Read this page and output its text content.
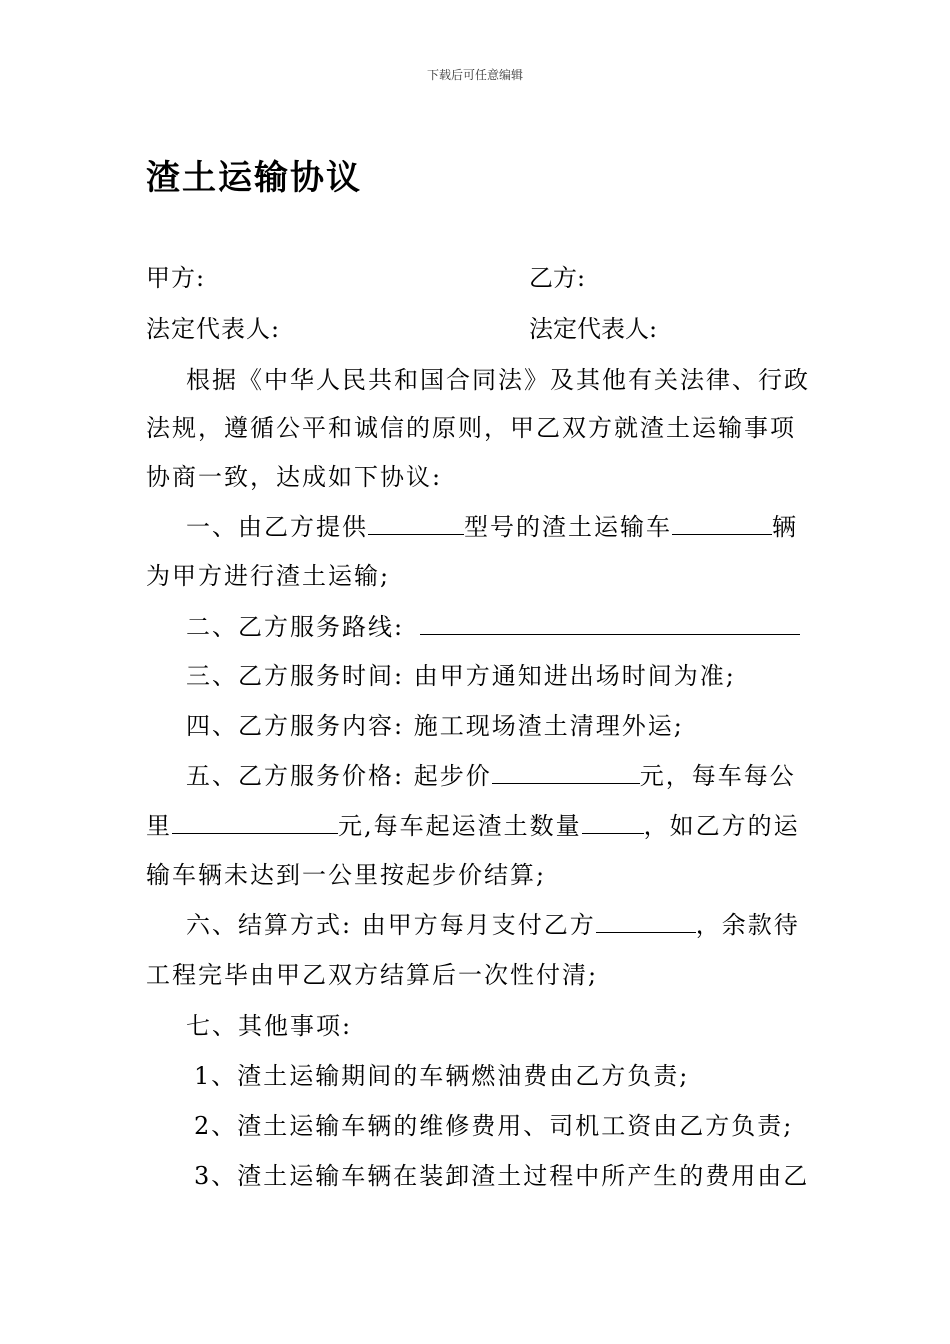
下载后可任意编辑
渣土运输协议
甲方:	乙方:
法定代表人:	法定代表人:
根据《中华人民共和国合同法》及其他有关法律、行政
法规，遵循公平和诚信的原则，甲乙双方就渣土运输事项
协商一致，达成如下协议:
一、由乙方提供	型号的渣土运输车	辆
为甲方进行渣土运输;
二、乙方服务路线:
三、乙方服务时间: 由甲方通知进出场时间为准;
四、乙方服务内容: 施工现场渣土清理外运;
五、乙方服务价格: 起步价	元，每车每公
里	元,每车起运渣土数量	，如乙方的运
输车辆未达到一公里按起步价结算;
六、结算方式: 由甲方每月支付乙方	，余款待
工程完毕由甲乙双方结算后一次性付清;
七、其他事项:
1、渣土运输期间的车辆燃油费由乙方负责;
2、渣土运输车辆的维修费用、司机工资由乙方负责;
3、渣土运输车辆在装卸渣土过程中所产生的费用由乙
